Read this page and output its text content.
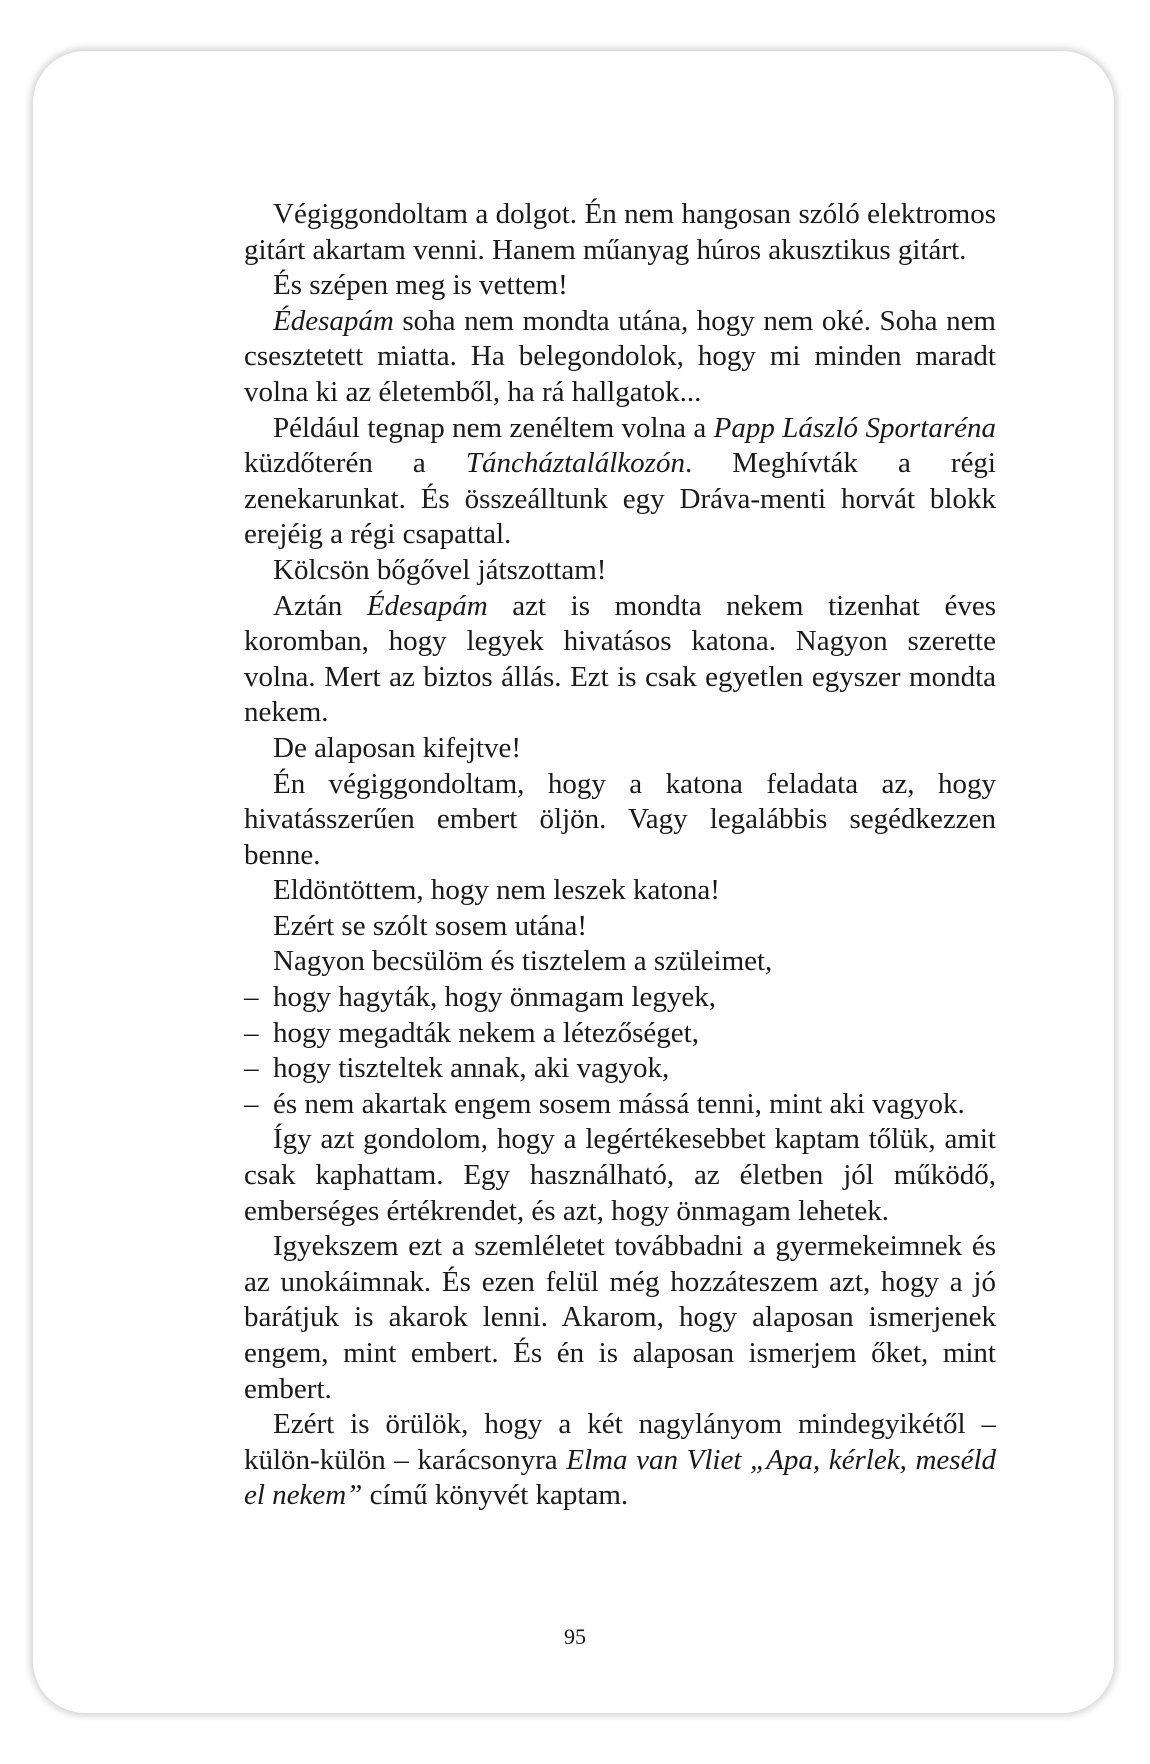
Végiggondoltam a dolgot. Én nem hangosan szóló elektromos gitárt akartam venni. Hanem műanyag húros akusztikus gitárt.

És szépen meg is vettem!

Édesapám soha nem mondta utána, hogy nem oké. Soha nem csesztetett miatta. Ha belegondolok, hogy mi minden maradt volna ki az életemből, ha rá hallgatok...

Például tegnap nem zenéltem volna a Papp László Sportaréna küzdőterén a Táncháztalálkozón. Meghívták a régi zenekarunkat. És összeálltunk egy Dráva-menti horvát blokk erejéig a régi csapattal.

Kölcsön bőgővel játszottam!

Aztán Édesapám azt is mondta nekem tizenhat éves koromban, hogy legyek hivatásos katona. Nagyon szerette volna. Mert az biztos állás. Ezt is csak egyetlen egyszer mondta nekem.

De alaposan kifejtve!

Én végiggondoltam, hogy a katona feladata az, hogy hivatásszerűen embert öljön. Vagy legalábbis segédkezzen benne.

Eldöntöttem, hogy nem leszek katona!

Ezért se szólt sosem utána!

Nagyon becsülöm és tisztelem a szüleimet,

– hogy hagyták, hogy önmagam legyek,

– hogy megadták nekem a létezőséget,

– hogy tiszteltek annak, aki vagyok,

– és nem akartak engem sosem mássá tenni, mint aki vagyok.

Így azt gondolom, hogy a legértékesebbet kaptam tőlük, amit csak kaphattam. Egy használható, az életben jól működő, emberséges értékrendet, és azt, hogy önmagam lehetek.

Igyekszem ezt a szemléletet továbbadni a gyermekeimnek és az unokáimnak. És ezen felül még hozzáteszem azt, hogy a jó barátjuk is akarok lenni. Akarom, hogy alaposan ismerjenek engem, mint embert. És én is alaposan ismerjem őket, mint embert.

Ezért is örülök, hogy a két nagylányom mindegyikétől – külön-külön – karácsonyra Elma van Vliet „Apa, kérlek, meséld el nekem” című könyvét kaptam.

95
